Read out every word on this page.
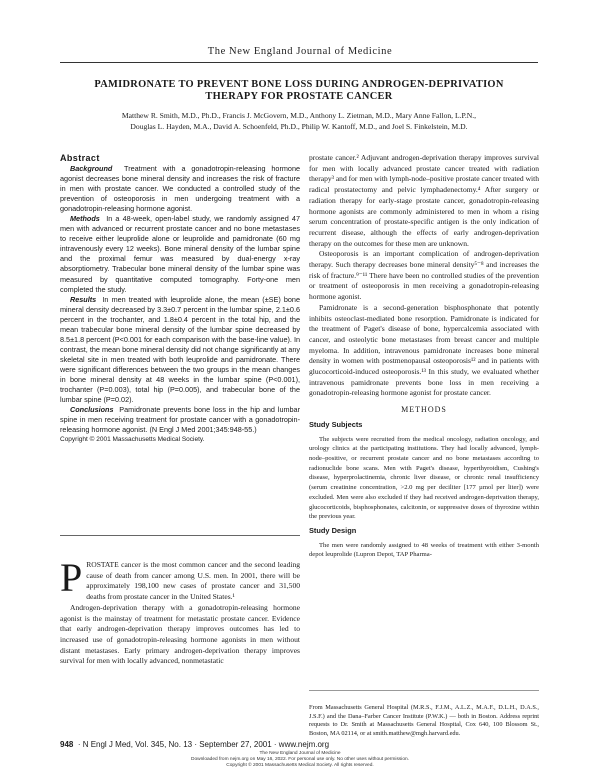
The New England Journal of Medicine
PAMIDRONATE TO PREVENT BONE LOSS DURING ANDROGEN-DEPRIVATION
THERAPY FOR PROSTATE CANCER
Matthew R. Smith, M.D., Ph.D., Francis J. McGovern, M.D., Anthony L. Zietman, M.D., Mary Anne Fallon, L.P.N.,
Douglas L. Hayden, M.A., David A. Schoenfeld, Ph.D., Philip W. Kantoff, M.D., and Joel S. Finkelstein, M.D.
Abstract

Background Treatment with a gonadotropin-releasing hormone agonist decreases bone mineral density and increases the risk of fracture in men with prostate cancer. We conducted a controlled study of the prevention of osteoporosis in men undergoing treatment with a gonadotropin-releasing hormone agonist.

Methods In a 48-week, open-label study, we randomly assigned 47 men with advanced or recurrent prostate cancer and no bone metastases to receive either leuprolide alone or leuprolide and pamidronate (60 mg intravenously every 12 weeks). Bone mineral density of the lumbar spine and the proximal femur was measured by dual-energy x-ray absorptiometry. Trabecular bone mineral density of the lumbar spine was measured by quantitative computed tomography. Forty-one men completed the study.

Results In men treated with leuprolide alone, the mean (±SE) bone mineral density decreased by 3.3±0.7 percent in the lumbar spine, 2.1±0.6 percent in the trochanter, and 1.8±0.4 percent in the total hip, and the mean trabecular bone mineral density of the lumbar spine decreased by 8.5±1.8 percent (P<0.001 for each comparison with the base-line value). In contrast, the mean bone mineral density did not change significantly at any skeletal site in men treated with both leuprolide and pamidronate. There were significant differences between the two groups in the mean changes in bone mineral density at 48 weeks in the lumbar spine (P<0.001), trochanter (P=0.003), total hip (P=0.005), and trabecular bone of the lumbar spine (P=0.02).

Conclusions Pamidronate prevents bone loss in the hip and lumbar spine in men receiving treatment for prostate cancer with a gonadotropin-releasing hormone agonist. (N Engl J Med 2001;345:948-55.)

Copyright © 2001 Massachusetts Medical Society.

PROSTATE cancer is the most common cancer and the second leading cause of death from cancer among U.S. men. In 2001, there will be approximately 198,100 new cases of prostate cancer and 31,500 deaths from prostate cancer in the United States.¹

Androgen-deprivation therapy with a gonadotropin-releasing hormone agonist is the mainstay of treatment for metastatic prostate cancer. Evidence that early androgen-deprivation therapy improves outcomes has led to increased use of gonadotropin-releasing hormone agonists in men without distant metastases. Early primary androgen-deprivation therapy improves survival for men with locally advanced, nonmetastatic

prostate cancer.² Adjuvant androgen-deprivation therapy improves survival for men with locally advanced prostate cancer treated with radiation therapy³ and for men with lymph-node–positive prostate cancer treated with radical prostatectomy and pelvic lymphadenectomy.⁴ After surgery or radiation therapy for early-stage prostate cancer, gonadotropin-releasing hormone agonists are commonly administered to men in whom a rising serum concentration of prostate-specific antigen is the only indication of recurrent disease, although the effects of early androgen-deprivation therapy on the outcomes for these men are unknown.

Osteoporosis is an important complication of androgen-deprivation therapy. Such therapy decreases bone mineral density⁵⁻⁸ and increases the risk of fracture.⁹⁻¹¹ There have been no controlled studies of the prevention or treatment of osteoporosis in men receiving a gonadotropin-releasing hormone agonist.

Pamidronate is a second-generation bisphosphonate that potently inhibits osteoclast-mediated bone resorption. Pamidronate is indicated for the treatment of Paget's disease of bone, hypercalcemia associated with cancer, and osteolytic bone metastases from breast cancer and multiple myeloma. In addition, intravenous pamidronate increases bone mineral density in women with postmenopausal osteoporosis¹² and in patients with glucocorticoid-induced osteoporosis.¹³ In this study, we evaluated whether intravenous pamidronate prevents bone loss in men receiving a gonadotropin-releasing hormone agonist for prostate cancer.

METHODS
Study Subjects

The subjects were recruited from the medical oncology, radiation oncology, and urology clinics at the participating institutions. They had locally advanced, lymph-node–positive, or recurrent prostate cancer and no bone metastases according to radionuclide bone scans. Men with Paget's disease, hyperthyroidism, Cushing's disease, hyperprolactinemia, chronic liver disease, or chronic renal insufficiency (serum creatinine concentration, >2.0 mg per deciliter [177 µmol per liter]) were excluded. Men were also excluded if they had received androgen-deprivation therapy, glucocorticoids, bisphosphonates, calcitonin, or suppressive doses of thyroxine within the previous year.

Study Design

The men were randomly assigned to 48 weeks of treatment with either 3-month depot leuprolide (Lupron Depot, TAP Pharma-

From Massachusetts General Hospital (M.R.S., F.J.M., A.L.Z., M.A.F., D.L.H., D.A.S., J.S.F.) and the Dana–Farber Cancer Institute (P.W.K.) — both in Boston. Address reprint requests to Dr. Smith at Massachusetts General Hospital, Cox 640, 100 Blossom St., Boston, MA 02114, or at smith.matthew@mgh.harvard.edu.
948 · N Engl J Med, Vol. 345, No. 13 · September 27, 2001 · www.nejm.org
The New England Journal of Medicine
Downloaded from nejm.org on May 16, 2022. For personal use only. No other uses without permission.
Copyright © 2001 Massachusetts Medical Society. All rights reserved.
